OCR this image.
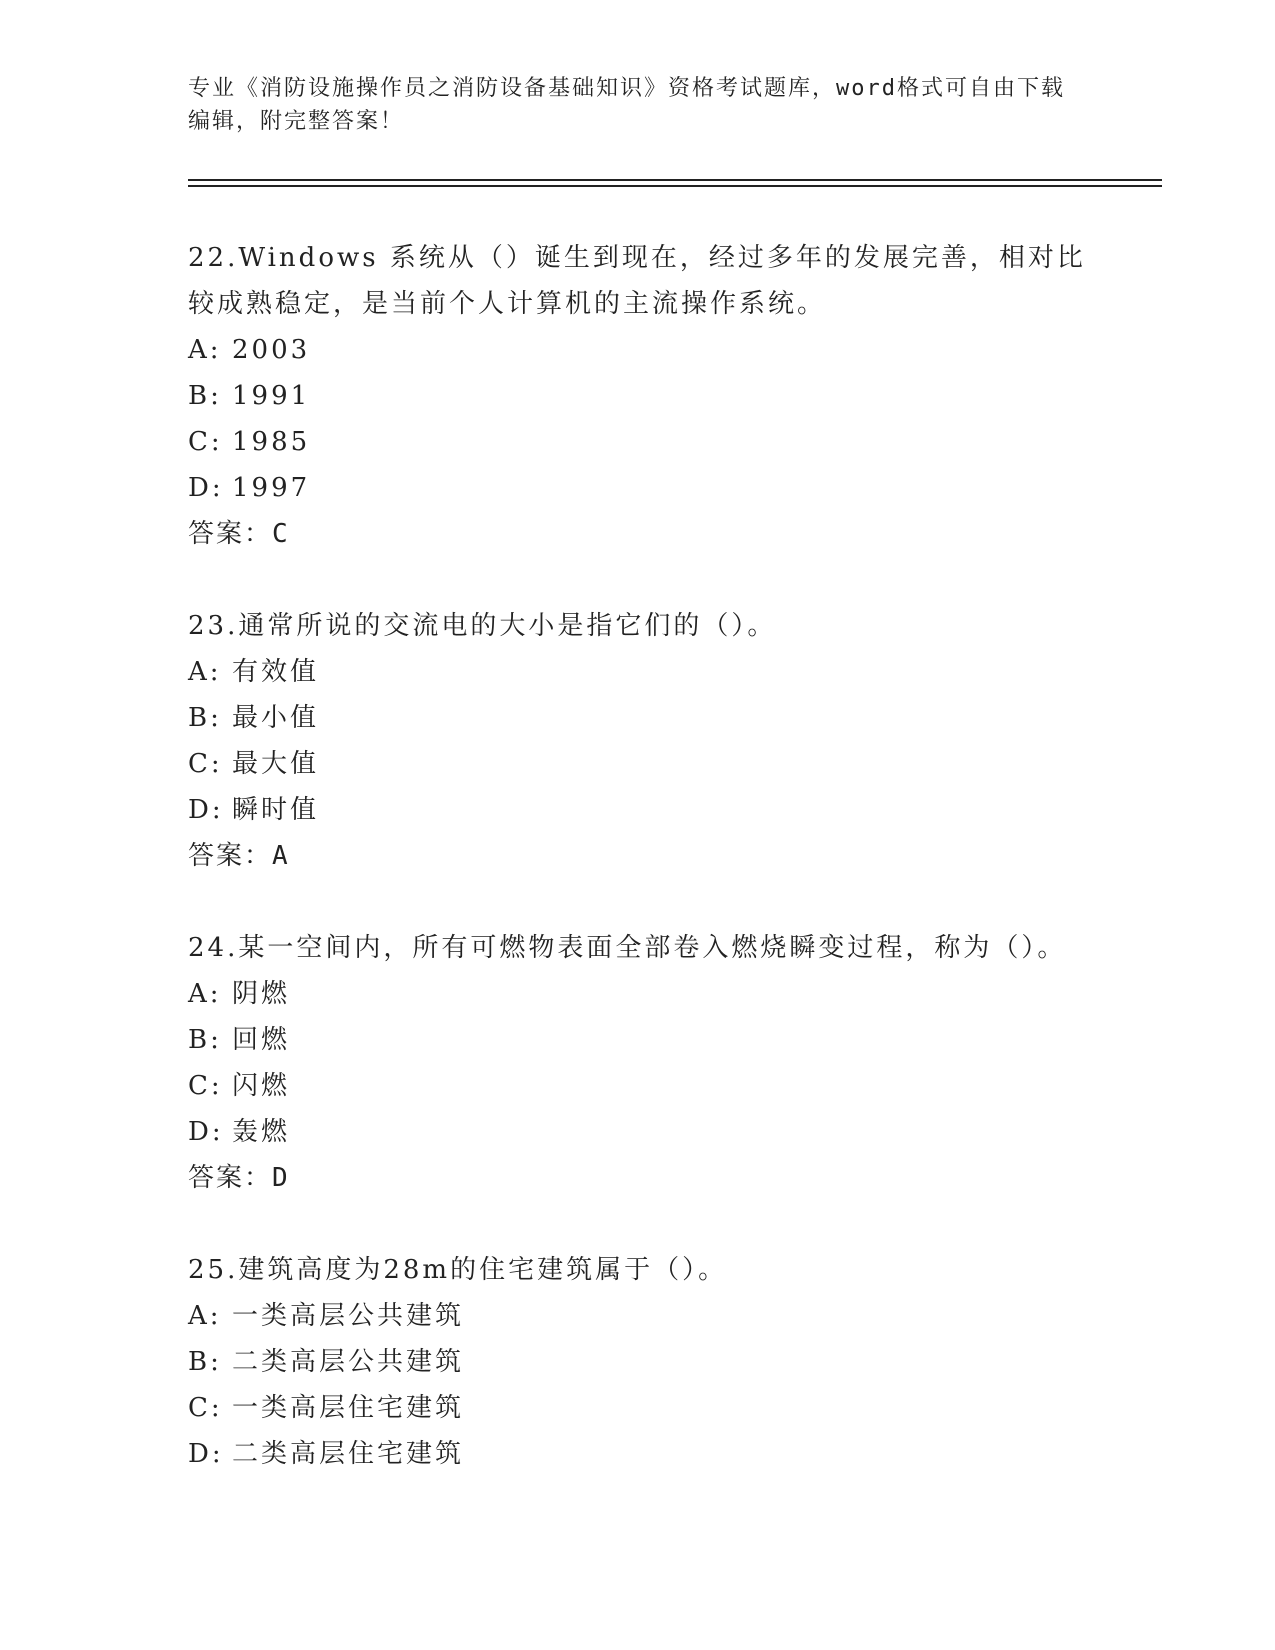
专业《消防设施操作员之消防设备基础知识》资格考试题库，word格式可自由下载编辑，附完整答案！
22.Windows 系统从（）诞生到现在，经过多年的发展完善，相对比较成熟稳定，是当前个人计算机的主流操作系统。
A: 2003
B: 1991
C: 1985
D: 1997
答案：C
23.通常所说的交流电的大小是指它们的（）。
A: 有效值
B: 最小值
C: 最大值
D: 瞬时值
答案：A
24.某一空间内，所有可燃物表面全部卷入燃烧瞬变过程，称为（）。
A: 阴燃
B: 回燃
C: 闪燃
D: 轰燃
答案：D
25.建筑高度为28m的住宅建筑属于（）。
A: 一类高层公共建筑
B: 二类高层公共建筑
C: 一类高层住宅建筑
D: 二类高层住宅建筑
